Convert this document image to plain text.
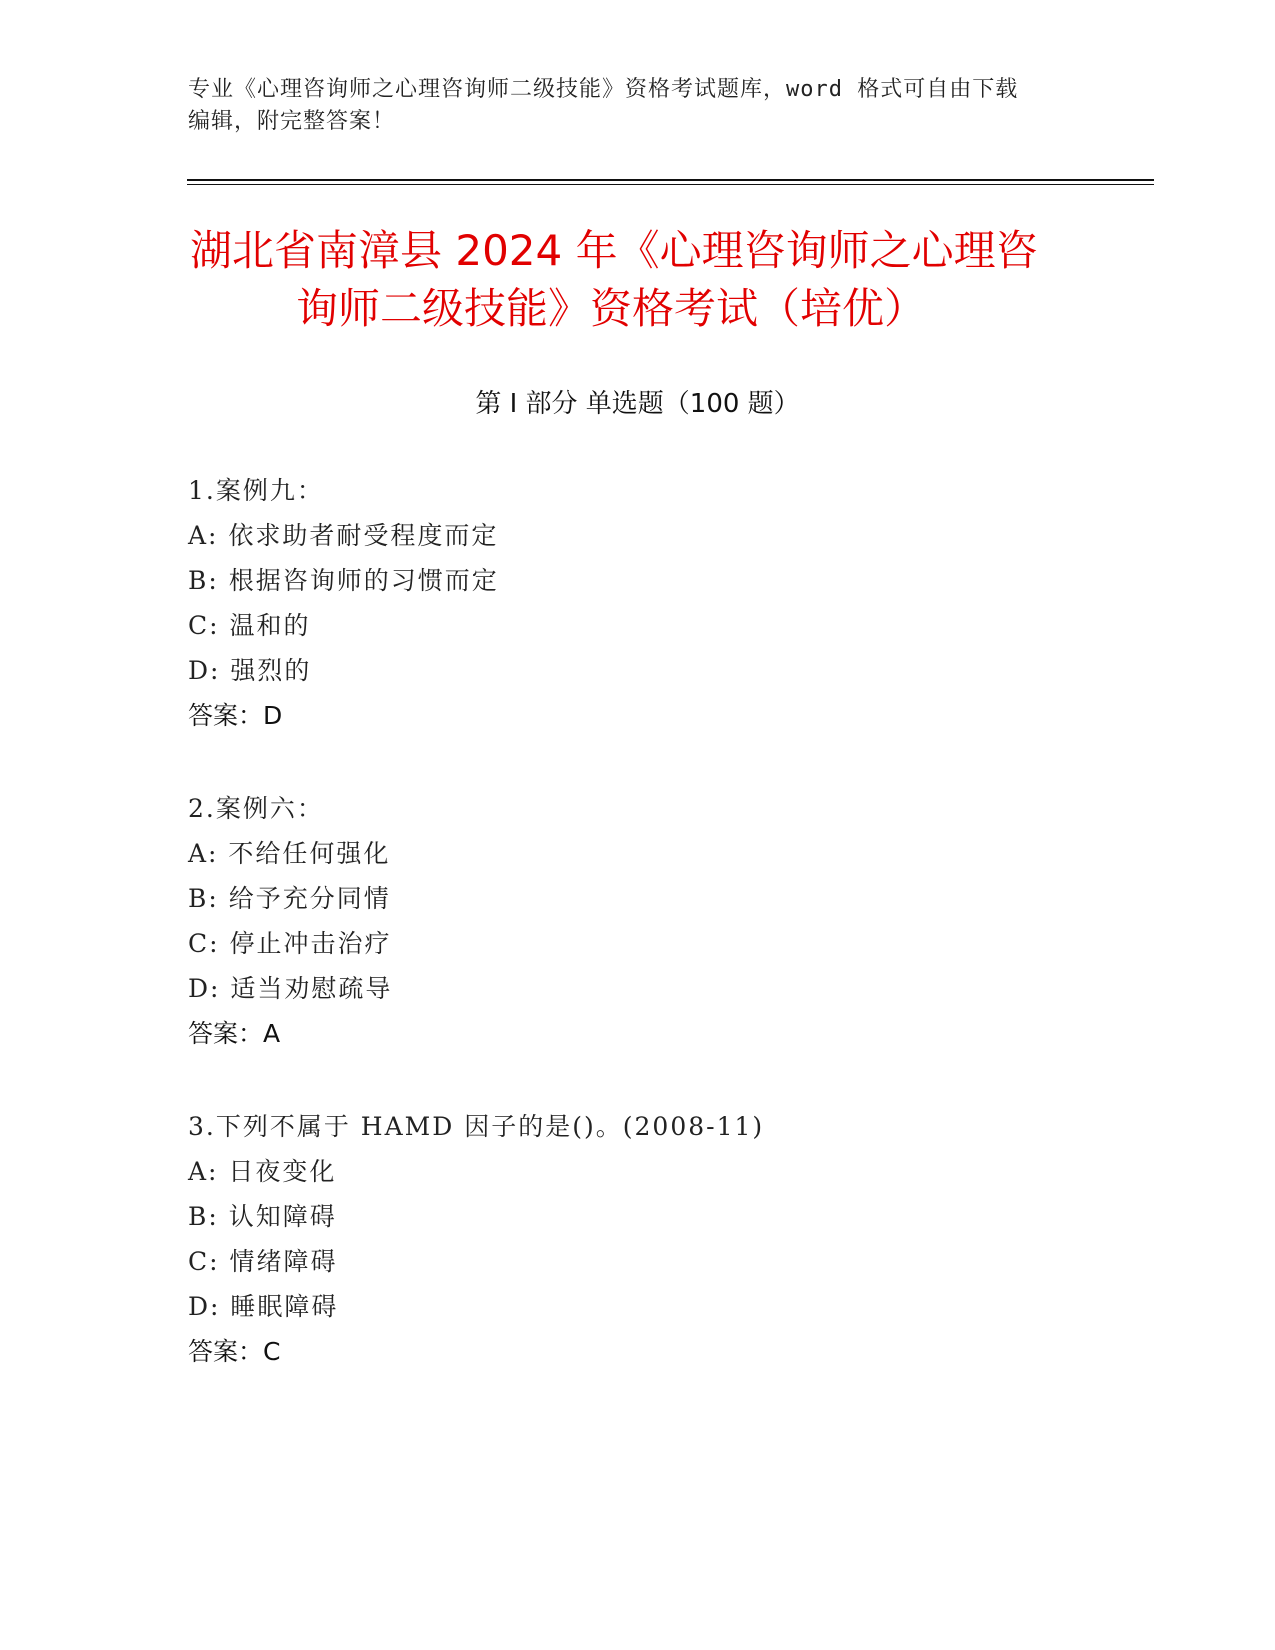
专业《心理咨询师之心理咨询师二级技能》资格考试题库，word 格式可自由下载
编辑，附完整答案！
湖北省南漳县 2024 年《心理咨询师之心理咨
询师二级技能》资格考试（培优）
第 I 部分 单选题（100 题）
1.案例九：
A: 依求助者耐受程度而定
B: 根据咨询师的习惯而定
C: 温和的
D: 强烈的
答案：D
2.案例六：
A: 不给任何强化
B: 给予充分同情
C: 停止冲击治疗
D: 适当劝慰疏导
答案：A
3.下列不属于 HAMD 因子的是()。(2008-11)
A: 日夜变化
B: 认知障碍
C: 情绪障碍
D: 睡眠障碍
答案：C
